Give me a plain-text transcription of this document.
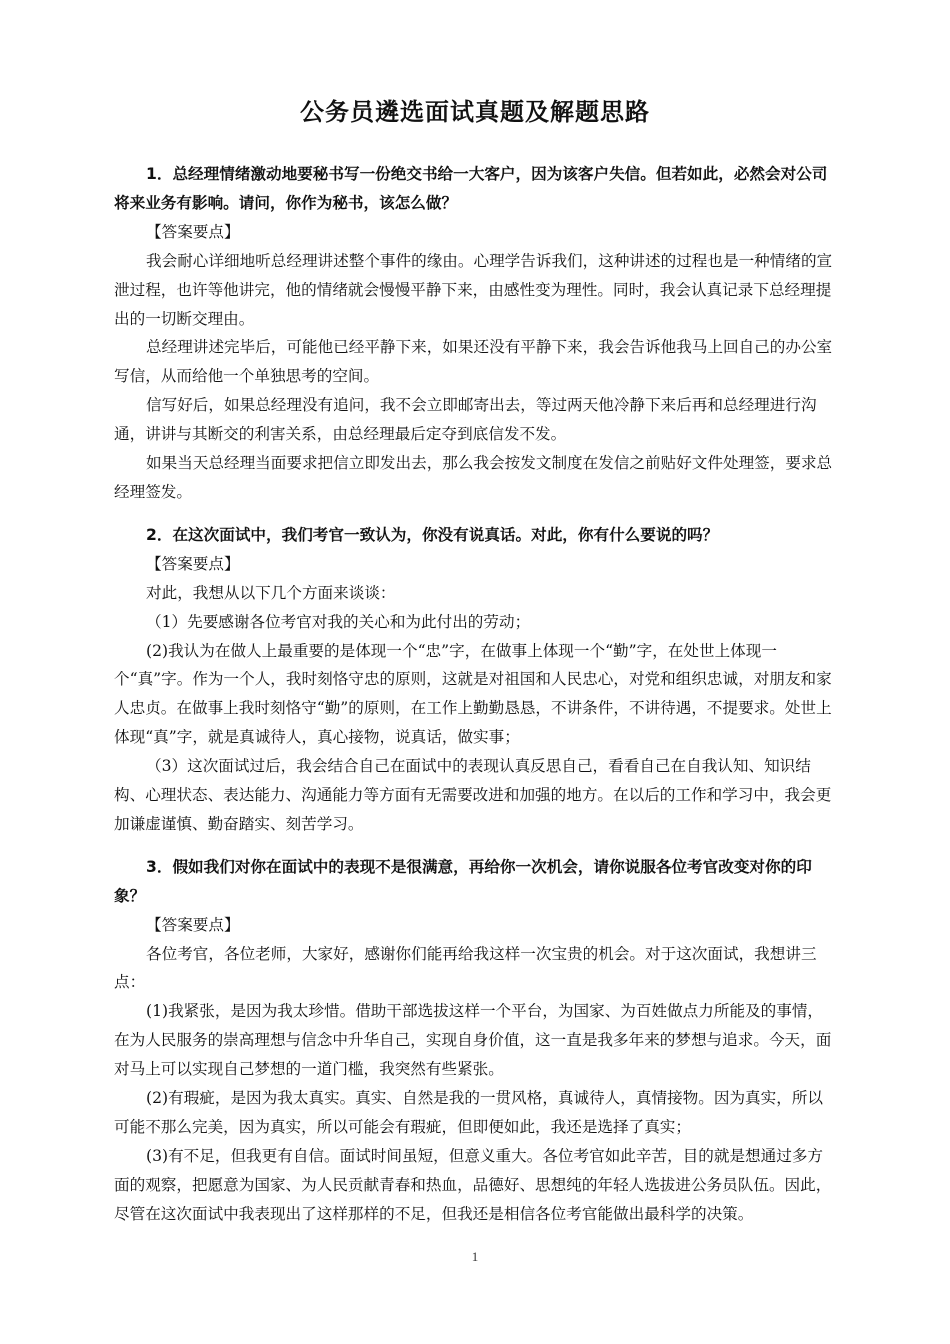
公务员遴选面试真题及解题思路

1．总经理情绪激动地要秘书写一份绝交书给一大客户，因为该客户失信。但若如此，必然会对公司将来业务有影响。请问，你作为秘书，该怎么做？

【答案要点】

我会耐心详细地听总经理讲述整个事件的缘由。心理学告诉我们，这种讲述的过程也是一种情绪的宣泄过程，也许等他讲完，他的情绪就会慢慢平静下来，由感性变为理性。同时，我会认真记录下总经理提出的一切断交理由。

总经理讲述完毕后，可能他已经平静下来，如果还没有平静下来，我会告诉他我马上回自己的办公室写信，从而给他一个单独思考的空间。

信写好后，如果总经理没有追问，我不会立即邮寄出去，等过两天他冷静下来后再和总经理进行沟通，讲讲与其断交的利害关系，由总经理最后定夺到底信发不发。

如果当天总经理当面要求把信立即发出去，那么我会按发文制度在发信之前贴好文件处理签，要求总经理签发。

2．在这次面试中，我们考官一致认为，你没有说真话。对此，你有什么要说的吗？

【答案要点】

对此，我想从以下几个方面来谈谈：

（1）先要感谢各位考官对我的关心和为此付出的劳动；

(2)我认为在做人上最重要的是体现一个“忠”字，在做事上体现一个“勤”字，在处世上体现一个“真”字。作为一个人，我时刻恪守忠的原则，这就是对祖国和人民忠心，对党和组织忠诚，对朋友和家人忠贞。在做事上我时刻恪守“勤”的原则，在工作上勤勤恳恳，不讲条件，不讲待遇，不提要求。处世上体现“真”字，就是真诚待人，真心接物，说真话，做实事；

（3）这次面试过后，我会结合自己在面试中的表现认真反思自己，看看自己在自我认知、知识结构、心理状态、表达能力、沟通能力等方面有无需要改进和加强的地方。在以后的工作和学习中，我会更加谦虚谨慎、勤奋踏实、刻苦学习。

3．假如我们对你在面试中的表现不是很满意，再给你一次机会，请你说服各位考官改变对你的印象？

【答案要点】

各位考官，各位老师，大家好，感谢你们能再给我这样一次宝贵的机会。对于这次面试，我想讲三点：

(1)我紧张，是因为我太珍惜。借助干部选拔这样一个平台，为国家、为百姓做点力所能及的事情，在为人民服务的崇高理想与信念中升华自己，实现自身价值，这一直是我多年来的梦想与追求。今天，面对马上可以实现自己梦想的一道门槛，我突然有些紧张。

(2)有瑕疵，是因为我太真实。真实、自然是我的一贯风格，真诚待人，真情接物。因为真实，所以可能不那么完美，因为真实，所以可能会有瑕疵，但即便如此，我还是选择了真实；

(3)有不足，但我更有自信。面试时间虽短，但意义重大。各位考官如此辛苦，目的就是想通过多方面的观察，把愿意为国家、为人民贡献青春和热血，品德好、思想纯的年轻人选拔进公务员队伍。因此，尽管在这次面试中我表现出了这样那样的不足，但我还是相信各位考官能做出最科学的决策。

1
